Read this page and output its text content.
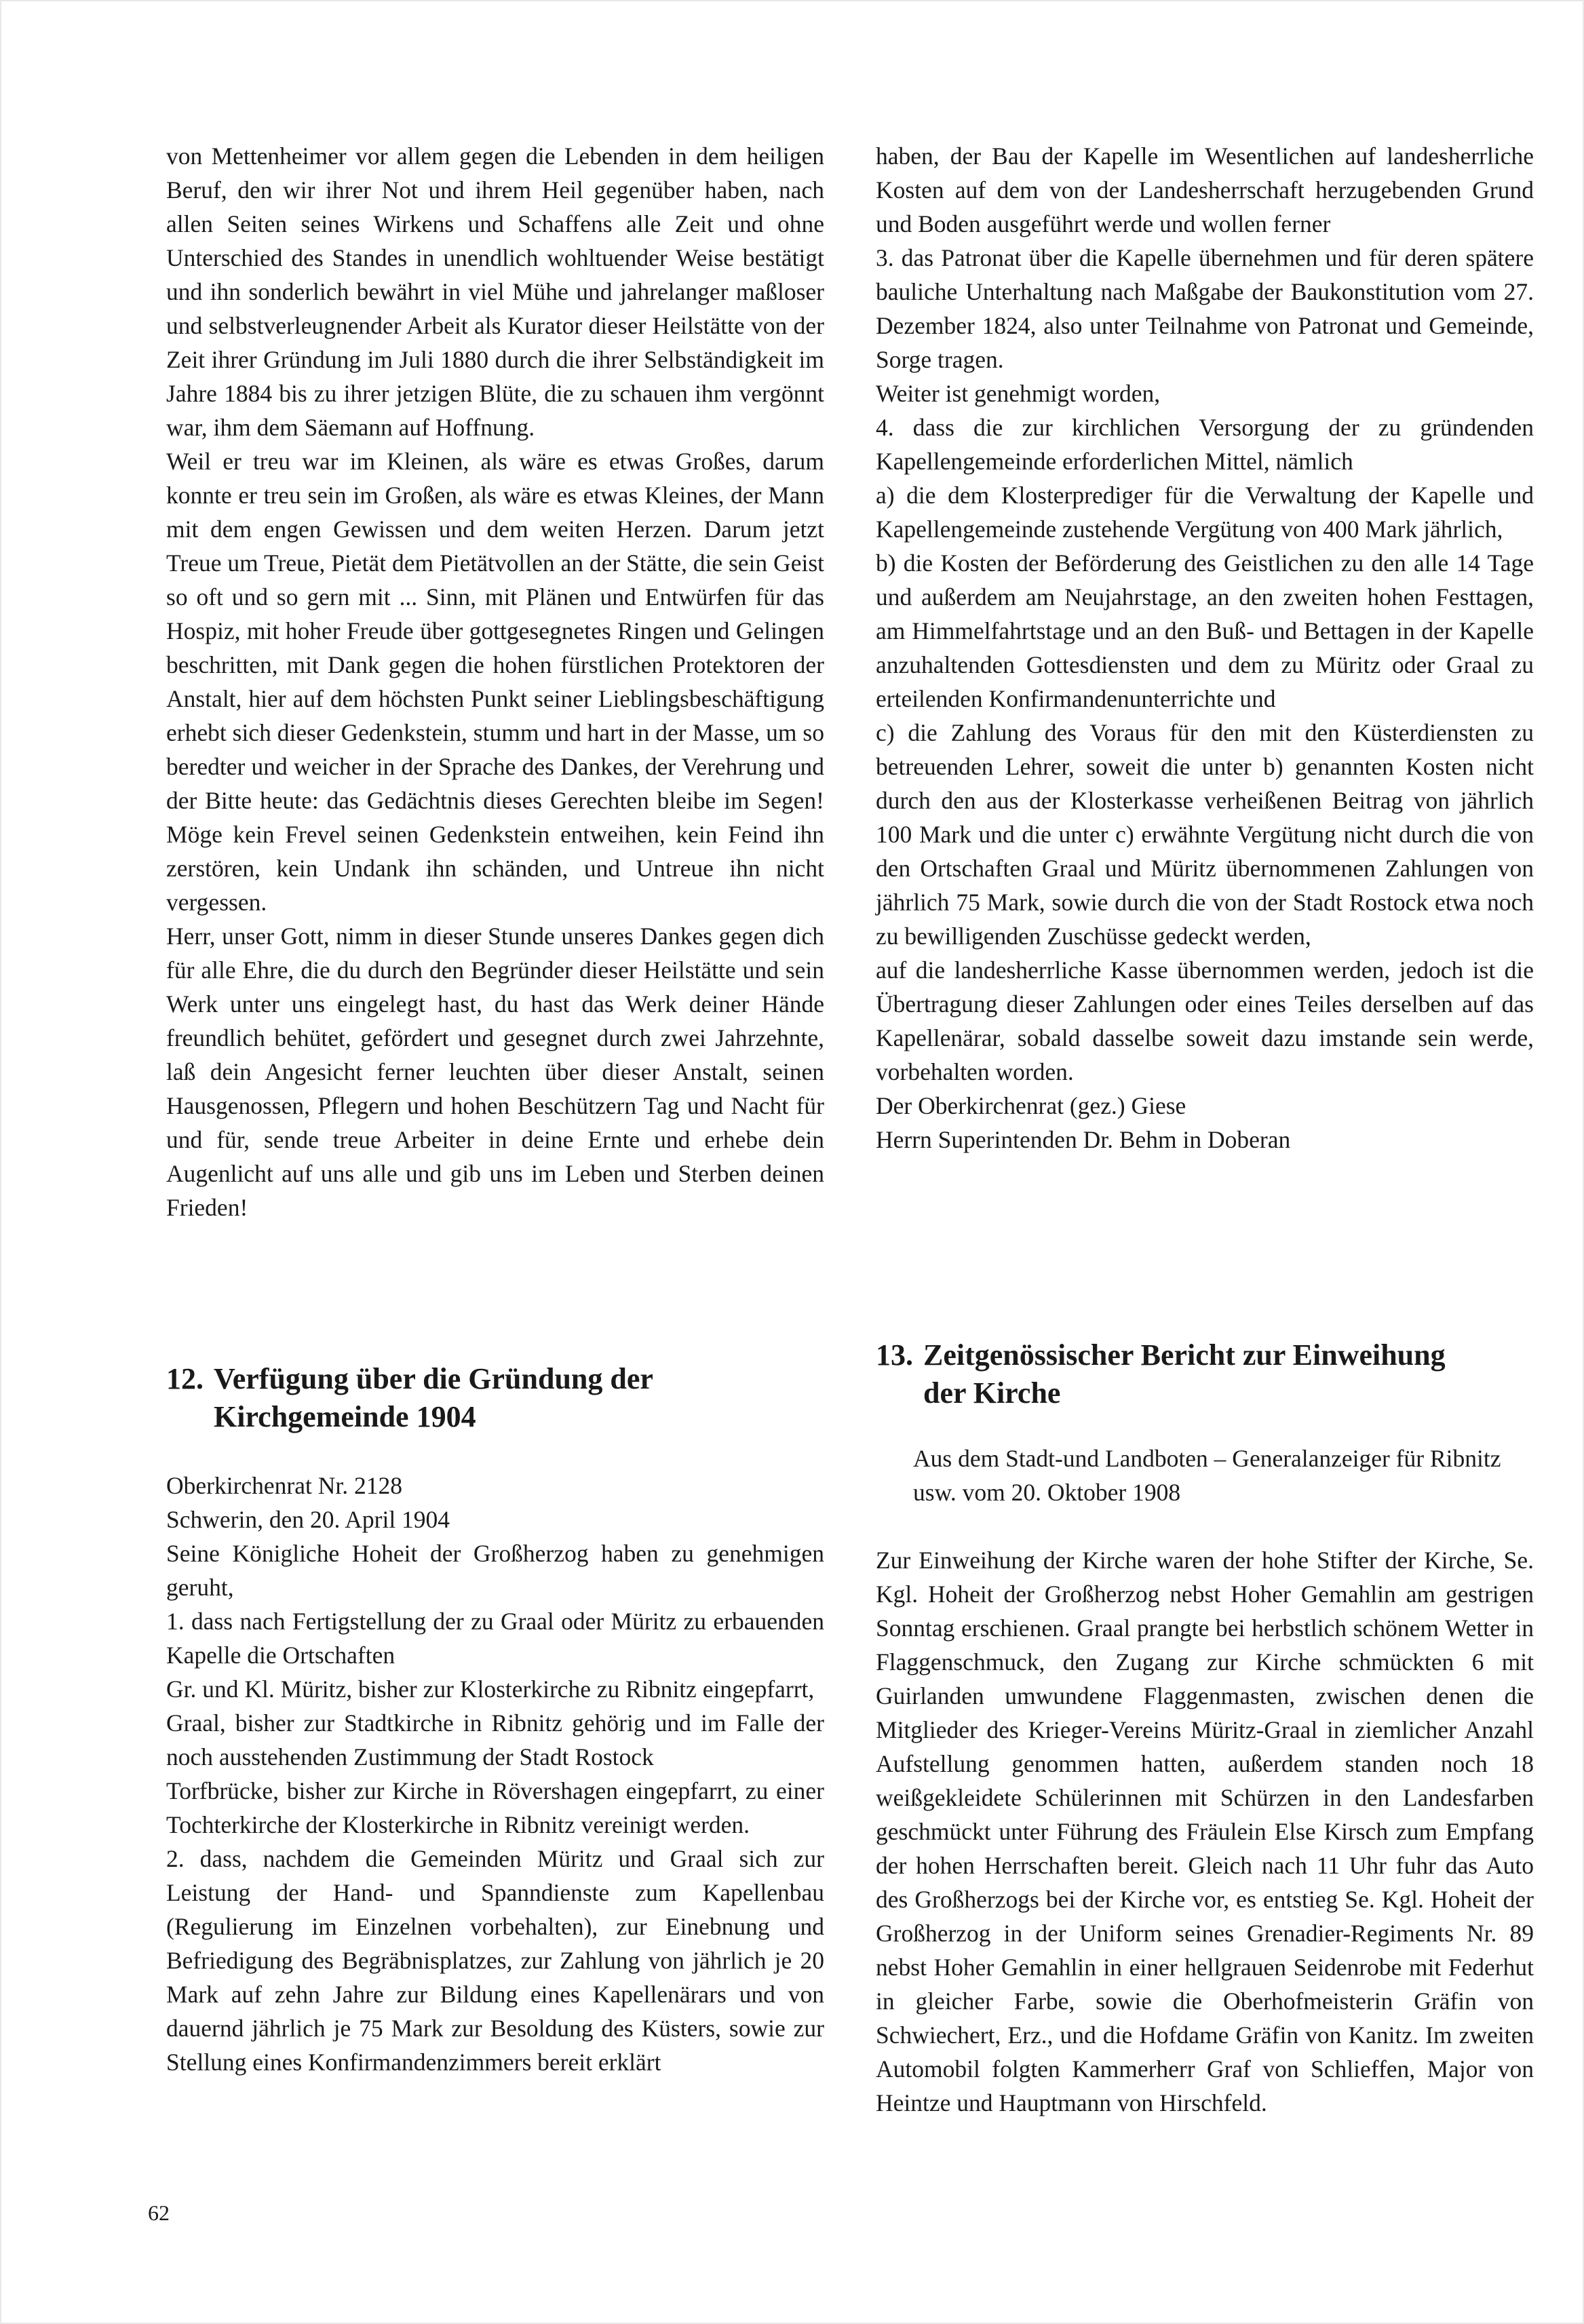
von Mettenheimer vor allem gegen die Lebenden in dem heiligen Beruf, den wir ihrer Not und ihrem Heil gegenüber haben, nach allen Seiten seines Wirkens und Schaffens alle Zeit und ohne Unterschied des Standes in unendlich wohltuender Weise bestätigt und ihn sonderlich bewährt in viel Mühe und jahrelanger maßloser und selbstverleugnender Arbeit als Kurator dieser Heilstätte von der Zeit ihrer Gründung im Juli 1880 durch die ihrer Selbständigkeit im Jahre 1884 bis zu ihrer jetzigen Blüte, die zu schauen ihm vergönnt war, ihm dem Säemann auf Hoffnung.

Weil er treu war im Kleinen, als wäre es etwas Großes, darum konnte er treu sein im Großen, als wäre es etwas Kleines, der Mann mit dem engen Gewissen und dem weiten Herzen. Darum jetzt Treue um Treue, Pietät dem Pietätvollen an der Stätte, die sein Geist so oft und so gern mit ... Sinn, mit Plänen und Entwürfen für das Hospiz, mit hoher Freude über gottgesegnetes Ringen und Gelingen beschritten, mit Dank gegen die hohen fürstlichen Protektoren der Anstalt, hier auf dem höchsten Punkt seiner Lieblingsbeschäftigung erhebt sich dieser Gedenkstein, stumm und hart in der Masse, um so beredter und weicher in der Sprache des Dankes, der Verehrung und der Bitte heute: das Gedächtnis dieses Gerechten bleibe im Segen! Möge kein Frevel seinen Gedenkstein entweihen, kein Feind ihn zerstören, kein Undank ihn schänden, und Untreue ihn nicht vergessen.

Herr, unser Gott, nimm in dieser Stunde unseres Dankes gegen dich für alle Ehre, die du durch den Begründer dieser Heilstätte und sein Werk unter uns eingelegt hast, du hast das Werk deiner Hände freundlich behütet, gefördert und gesegnet durch zwei Jahrzehnte, laß dein Angesicht ferner leuchten über dieser Anstalt, seinen Hausgenossen, Pflegern und hohen Beschützern Tag und Nacht für und für, sende treue Arbeiter in deine Ernte und erhebe dein Augenlicht auf uns alle und gib uns im Leben und Sterben deinen Frieden!

12. Verfügung über die Gründung der
Kirchgemeinde 1904

Oberkirchenrat Nr. 2128

Schwerin, den 20. April 1904

Seine Königliche Hoheit der Großherzog haben zu genehmigen geruht,

1. dass nach Fertigstellung der zu Graal oder Müritz zu erbauenden Kapelle die Ortschaften

Gr. und Kl. Müritz, bisher zur Klosterkirche zu Ribnitz eingepfarrt,

Graal, bisher zur Stadtkirche in Ribnitz gehörig und im Falle der noch ausstehenden Zustimmung der Stadt Rostock

Torfbrücke, bisher zur Kirche in Rövershagen eingepfarrt, zu einer Tochterkirche der Klosterkirche in Ribnitz vereinigt werden.

2. dass, nachdem die Gemeinden Müritz und Graal sich zur Leistung der Hand- und Spanndienste zum Kapellenbau (Regulierung im Einzelnen vorbehalten), zur Einebnung und Befriedigung des Begräbnisplatzes, zur Zahlung von jährlich je 20 Mark auf zehn Jahre zur Bildung eines Kapellenärars und von dauernd jährlich je 75 Mark zur Besoldung des Küsters, sowie zur Stellung eines Konfirmandenzimmers bereit erklärt

haben, der Bau der Kapelle im Wesentlichen auf landesherrliche Kosten auf dem von der Landesherrschaft herzugebenden Grund und Boden ausgeführt werde und wollen ferner

3. das Patronat über die Kapelle übernehmen und für deren spätere bauliche Unterhaltung nach Maßgabe der Baukonstitution vom 27. Dezember 1824, also unter Teilnahme von Patronat und Gemeinde, Sorge tragen.

Weiter ist genehmigt worden,

4. dass die zur kirchlichen Versorgung der zu gründenden Kapellengemeinde erforderlichen Mittel, nämlich

a) die dem Klosterprediger für die Verwaltung der Kapelle und Kapellengemeinde zustehende Vergütung von 400 Mark jährlich,

b) die Kosten der Beförderung des Geistlichen zu den alle 14 Tage und außerdem am Neujahrstage, an den zweiten hohen Festtagen, am Himmelfahrtstage und an den Buß- und Bettagen in der Kapelle anzuhaltenden Gottesdiensten und dem zu Müritz oder Graal zu erteilenden Konfirmandenunterrichte und

c) die Zahlung des Voraus für den mit den Küsterdiensten zu betreuenden Lehrer, soweit die unter b) genannten Kosten nicht durch den aus der Klosterkasse verheißenen Beitrag von jährlich 100 Mark und die unter c) erwähnte Vergütung nicht durch die von den Ortschaften Graal und Müritz übernommenen Zahlungen von jährlich 75 Mark, sowie durch die von der Stadt Rostock etwa noch zu bewilligenden Zuschüsse gedeckt werden,

auf die landesherrliche Kasse übernommen werden, jedoch ist die Übertragung dieser Zahlungen oder eines Teiles derselben auf das Kapellenärar, sobald dasselbe soweit dazu imstande sein werde, vorbehalten worden.

Der Oberkirchenrat (gez.) Giese

Herrn Superintenden Dr. Behm in Doberan

13. Zeitgenössischer Bericht zur Einweihung
der Kirche

Aus dem Stadt-und Landboten – Generalanzeiger für Ribnitz usw. vom 20. Oktober 1908

Zur Einweihung der Kirche waren der hohe Stifter der Kirche, Se. Kgl. Hoheit der Großherzog nebst Hoher Gemahlin am gestrigen Sonntag erschienen. Graal prangte bei herbstlich schönem Wetter in Flaggenschmuck, den Zugang zur Kirche schmückten 6 mit Guirlanden umwundene Flaggenmasten, zwischen denen die Mitglieder des Krieger-Vereins Müritz-Graal in ziemlicher Anzahl Aufstellung genommen hatten, außerdem standen noch 18 weißgekleidete Schülerinnen mit Schürzen in den Landesfarben geschmückt unter Führung des Fräulein Else Kirsch zum Empfang der hohen Herrschaften bereit. Gleich nach 11 Uhr fuhr das Auto des Großherzogs bei der Kirche vor, es entstieg Se. Kgl. Hoheit der Großherzog in der Uniform seines Grenadier-Regiments Nr. 89 nebst Hoher Gemahlin in einer hellgrauen Seidenrobe mit Federhut in gleicher Farbe, sowie die Oberhofmeisterin Gräfin von Schwiechert, Erz., und die Hofdame Gräfin von Kanitz. Im zweiten Automobil folgten Kammerherr Graf von Schlieffen, Major von Heintze und Hauptmann von Hirschfeld.

62
